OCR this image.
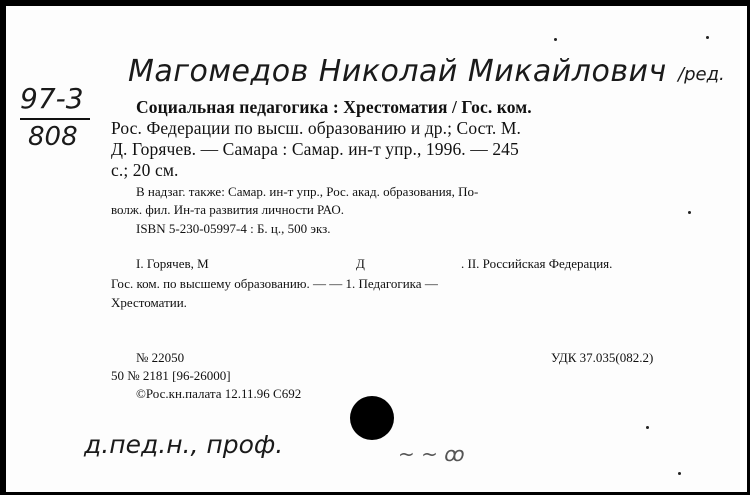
Магомедов Николай Микайлович /ред.
97-3
808
Социальная педагогика : Хрестоматия / Гос. ком.
Рос. Федерации по высш. образованию и др.; Сост. М.
Д. Горячев. — Самара : Самар. ин-т упр., 1996. — 245
с.; 20 см.
В надзаг. также: Самар. ин-т упр., Рос. акад. образования, По-
волж. фил. Ин-та развития личности РАО.
ISBN 5-230-05997-4 : Б. ц., 500 экз.
I. Горячев, М	Д	. II. Российская Федерация.
Гос. ком. по высшему образованию. — — 1. Педагогика —
Хрестоматии.
№ 22050	УДК 37.035(082.2)
50 № 2181 [96-26000]
©Рос.кн.палата 12.11.96 С692
д.пед.н., проф.	~ ~ ꝏ
